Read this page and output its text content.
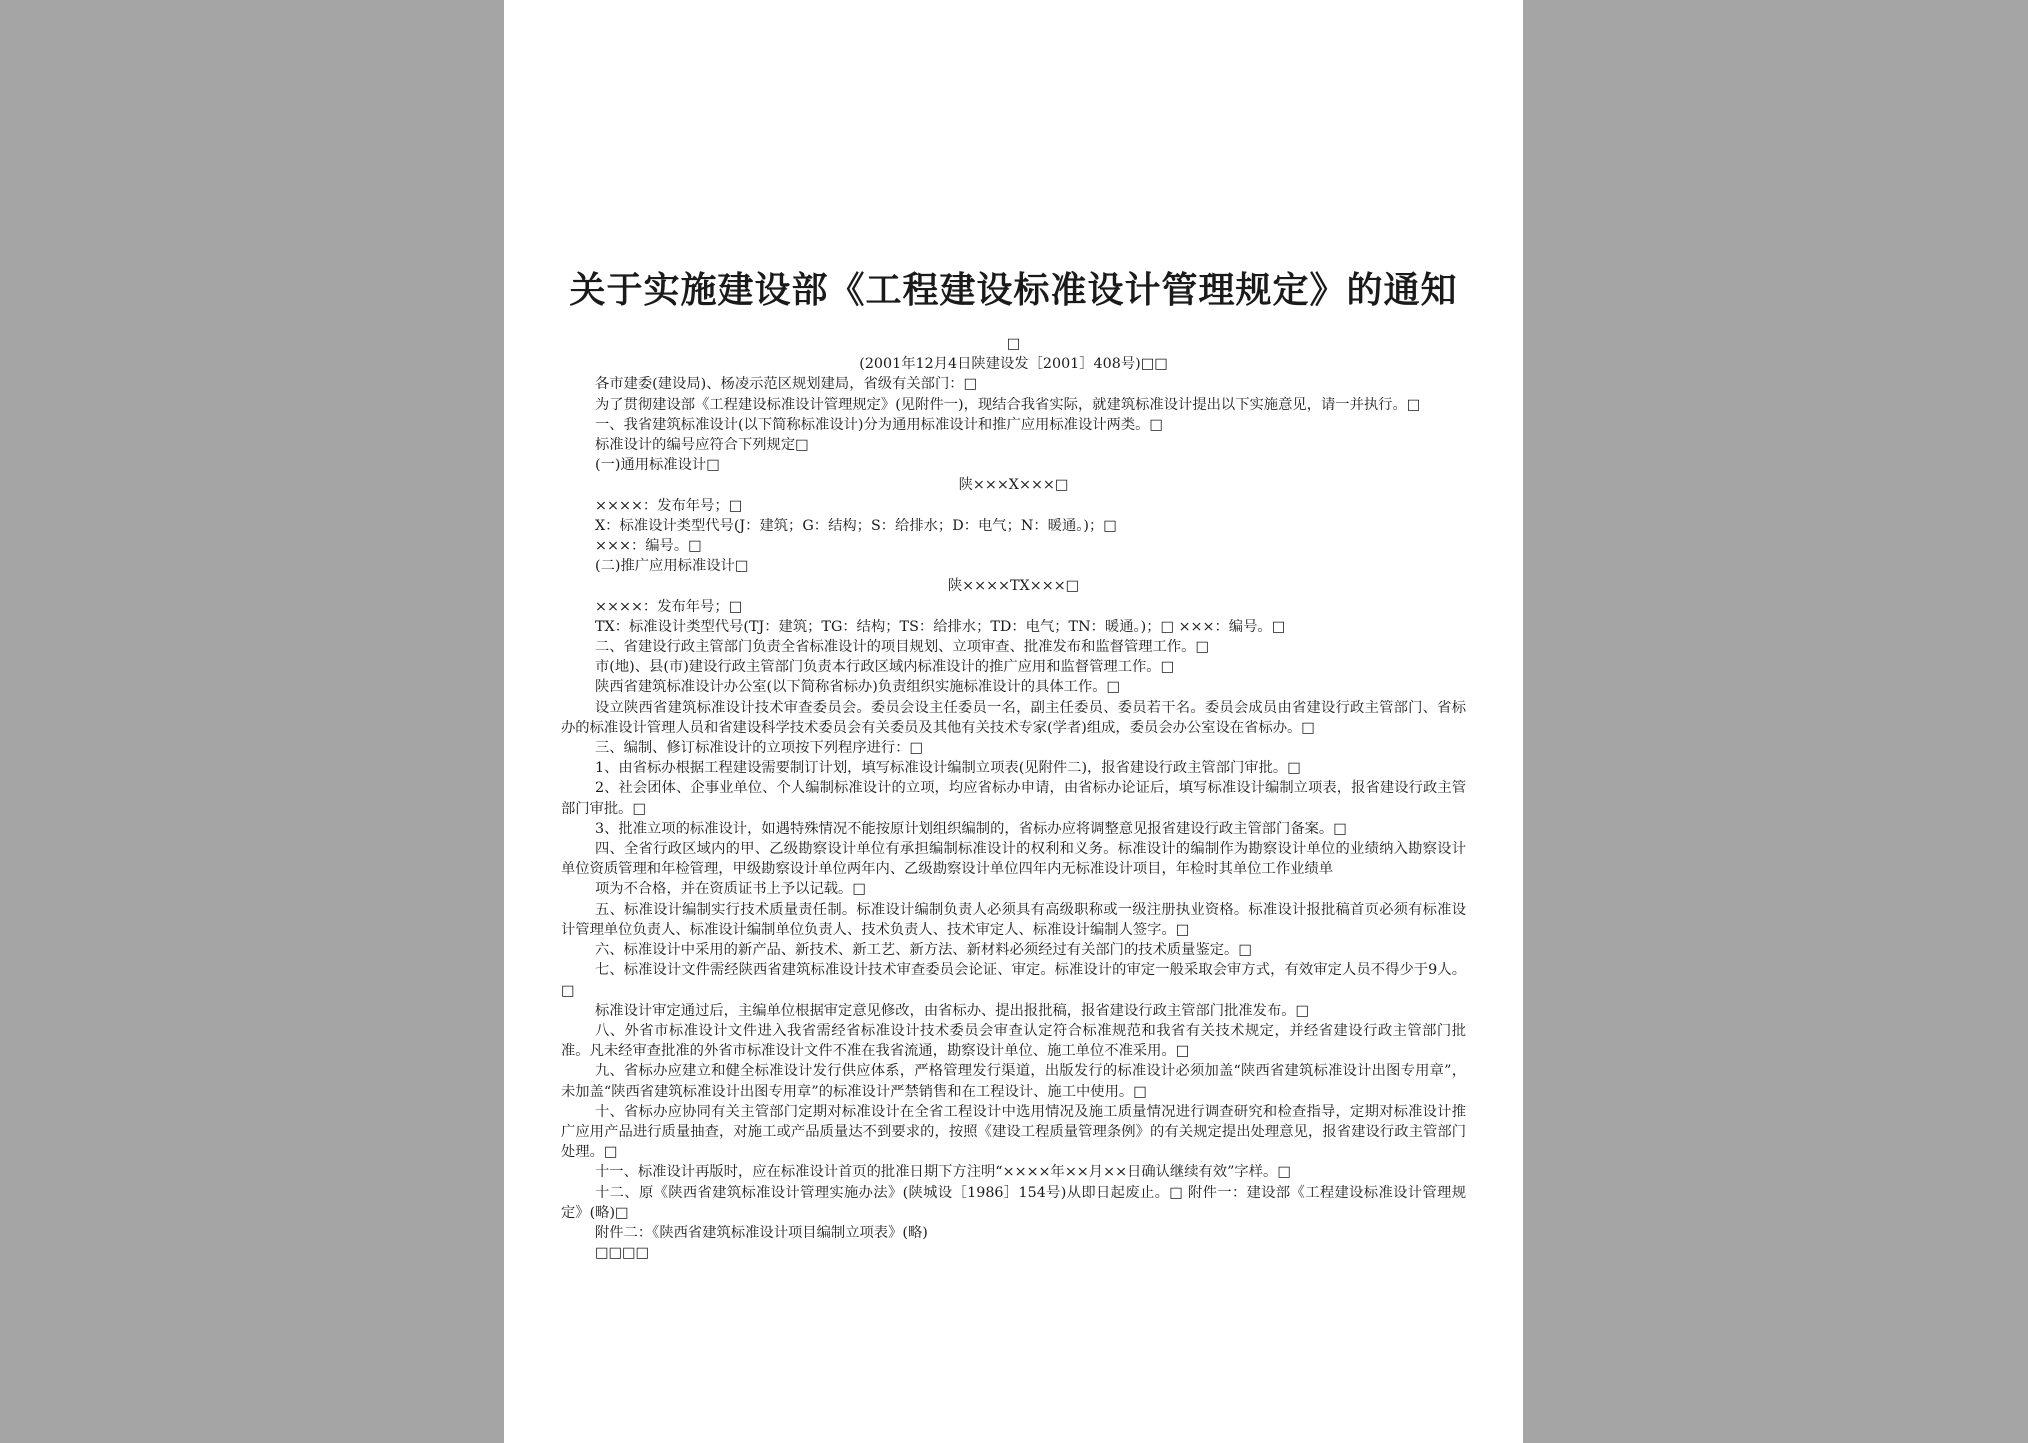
关于实施建设部《工程建设标准设计管理规定》的通知

□

(2001年12月4日陕建设发［2001］408号)□□

各市建委(建设局)、杨凌示范区规划建局，省级有关部门：□

为了贯彻建设部《工程建设标准设计管理规定》(见附件一)，现结合我省实际，就建筑标准设计提出以下实施意见，请一并执行。□

一、我省建筑标准设计(以下简称标准设计)分为通用标准设计和推广应用标准设计两类。□

标准设计的编号应符合下列规定□

(一)通用标准设计□

陕×××X×××□

××××：发布年号；□

X：标准设计类型代号(J：建筑；G：结构；S：给排水；D：电气；N：暖通。)；□

×××：编号。□

(二)推广应用标准设计□

陕××××TX×××□

××××：发布年号；□

TX：标准设计类型代号(TJ：建筑；TG：结构；TS：给排水；TD：电气；TN：暖通。)；□ ×××：编号。□

二、省建设行政主管部门负责全省标准设计的项目规划、立项审查、批准发布和监督管理工作。□

市(地)、县(市)建设行政主管部门负责本行政区域内标准设计的推广应用和监督管理工作。□

陕西省建筑标准设计办公室(以下简称省标办)负责组织实施标准设计的具体工作。□

设立陕西省建筑标准设计技术审查委员会。委员会设主任委员一名，副主任委员、委员若干名。委员会成员由省建设行政主管部门、省标办的标准设计管理人员和省建设科学技术委员会有关委员及其他有关技术专家(学者)组成，委员会办公室设在省标办。□

三、编制、修订标准设计的立项按下列程序进行：□

1、由省标办根据工程建设需要制订计划，填写标准设计编制立项表(见附件二)，报省建设行政主管部门审批。□

2、社会团体、企事业单位、个人编制标准设计的立项，均应省标办申请，由省标办论证后，填写标准设计编制立项表，报省建设行政主管部门审批。□

3、批准立项的标准设计，如遇特殊情况不能按原计划组织编制的，省标办应将调整意见报省建设行政主管部门备案。□

四、全省行政区域内的甲、乙级勘察设计单位有承担编制标准设计的权利和义务。标准设计的编制作为勘察设计单位的业绩纳入勘察设计单位资质管理和年检管理，甲级勘察设计单位两年内、乙级勘察设计单位四年内无标准设计项目，年检时其单位工作业绩单

项为不合格，并在资质证书上予以记载。□

五、标准设计编制实行技术质量责任制。标准设计编制负责人必须具有高级职称或一级注册执业资格。标准设计报批稿首页必须有标准设计管理单位负责人、标准设计编制单位负责人、技术负责人、技术审定人、标准设计编制人签字。□

六、标准设计中采用的新产品、新技术、新工艺、新方法、新材料必须经过有关部门的技术质量鉴定。□

七、标准设计文件需经陕西省建筑标准设计技术审查委员会论证、审定。标准设计的审定一般采取会审方式，有效审定人员不得少于9人。□

标准设计审定通过后，主编单位根据审定意见修改，由省标办、提出报批稿，报省建设行政主管部门批准发布。□

八、外省市标准设计文件进入我省需经省标准设计技术委员会审查认定符合标准规范和我省有关技术规定，并经省建设行政主管部门批准。凡未经审查批准的外省市标准设计文件不准在我省流通，勘察设计单位、施工单位不准采用。□

九、省标办应建立和健全标准设计发行供应体系，严格管理发行渠道，出版发行的标准设计必须加盖“陕西省建筑标准设计出图专用章”，未加盖“陕西省建筑标准设计出图专用章”的标准设计严禁销售和在工程设计、施工中使用。□

十、省标办应协同有关主管部门定期对标准设计在全省工程设计中选用情况及施工质量情况进行调查研究和检查指导，定期对标准设计推广应用产品进行质量抽查，对施工或产品质量达不到要求的，按照《建设工程质量管理条例》的有关规定提出处理意见，报省建设行政主管部门处理。□

十一、标准设计再版时，应在标准设计首页的批准日期下方注明“××××年××月××日确认继续有效”字样。□

十二、原《陕西省建筑标准设计管理实施办法》(陕城设［1986］154号)从即日起废止。□ 附件一：建设部《工程建设标准设计管理规定》(略)□

附件二：《陕西省建筑标准设计项目编制立项表》(略)

□□□□
